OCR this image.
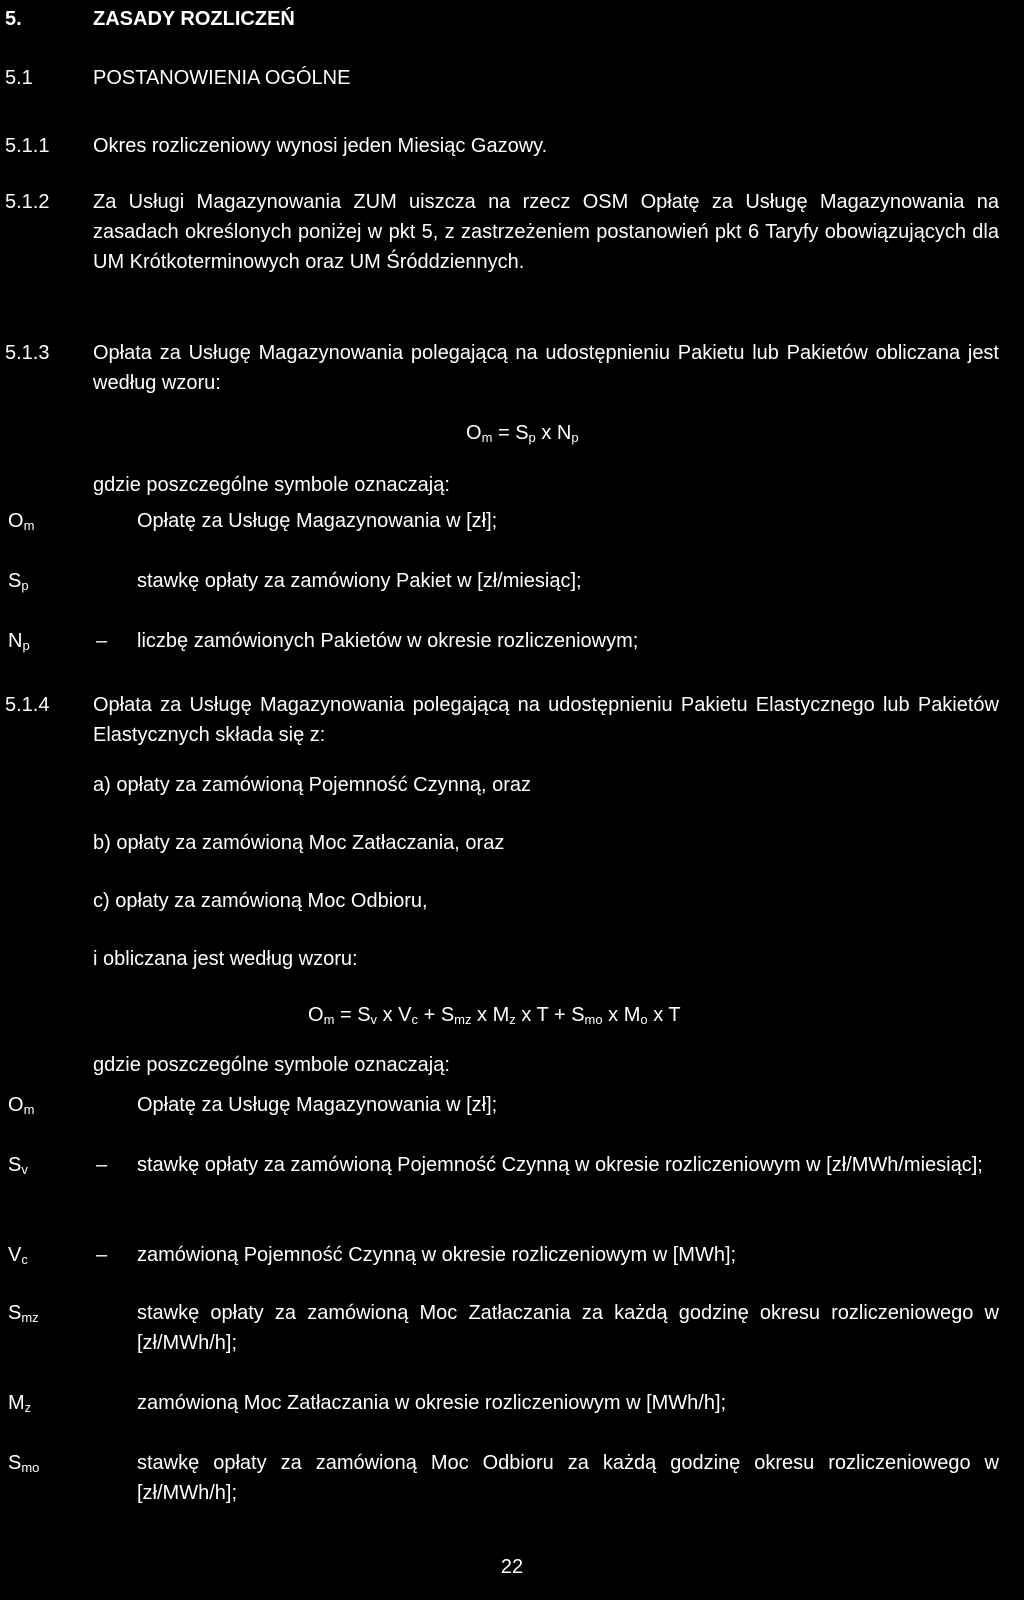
5.	ZASADY ROZLICZEŃ
5.1	POSTANOWIENIA OGÓLNE
5.1.1 Okres rozliczeniowy wynosi jeden Miesiąc Gazowy.
5.1.2 Za Usługi Magazynowania ZUM uiszcza na rzecz OSM Opłatę za Usługę Magazynowania na zasadach określonych poniżej w pkt 5, z zastrzeżeniem postanowień pkt 6 Taryfy obowiązujących dla UM Krótkoterminowych oraz UM Śróddziennych.
5.1.3 Opłata za Usługę Magazynowania polegającą na udostępnieniu Pakietu lub Pakietów obliczana jest według wzoru:
$O_m = S_p$ x $N_p$
gdzie poszczególne symbole oznaczają:
$O_m$	Opłatę za Usługę Magazynowania w [zł];
$S_p$	stawkę opłaty za zamówiony Pakiet w [zł/miesiąc];
$N_p$	– liczbę zamówionych Pakietów w okresie rozliczeniowym;
5.1.4 Opłata za Usługę Magazynowania polegającą na udostępnieniu Pakietu Elastycznego lub Pakietów Elastycznych składa się z:
a) opłaty za zamówioną Pojemność Czynną, oraz
b) opłaty za zamówioną Moc Zatłaczania, oraz
c) opłaty za zamówioną Moc Odbioru,
i obliczana jest według wzoru:
$O_m = S_v$ x $V_c + S_{mz}$ x $M_z$ x $T + S_{mo}$ x $M_o$ x T
gdzie poszczególne symbole oznaczają:
$O_m$	Opłatę za Usługę Magazynowania w [zł];
$S_v$	– stawkę opłaty za zamówioną Pojemność Czynną w okresie rozliczeniowym w [zł/MWh/miesiąc];
$V_c$	– zamówioną Pojemność Czynną w okresie rozliczeniowym w [MWh];
$S_{mz}$	stawkę opłaty za zamówioną Moc Zatłaczania za każdą godzinę okresu rozliczeniowego w [zł/MWh/h];
$M_z$	zamówioną Moc Zatłaczania w okresie rozliczeniowym w [MWh/h];
$S_{mo}$	stawkę opłaty za zamówioną Moc Odbioru za każdą godzinę okresu rozliczeniowego w [zł/MWh/h];
22
